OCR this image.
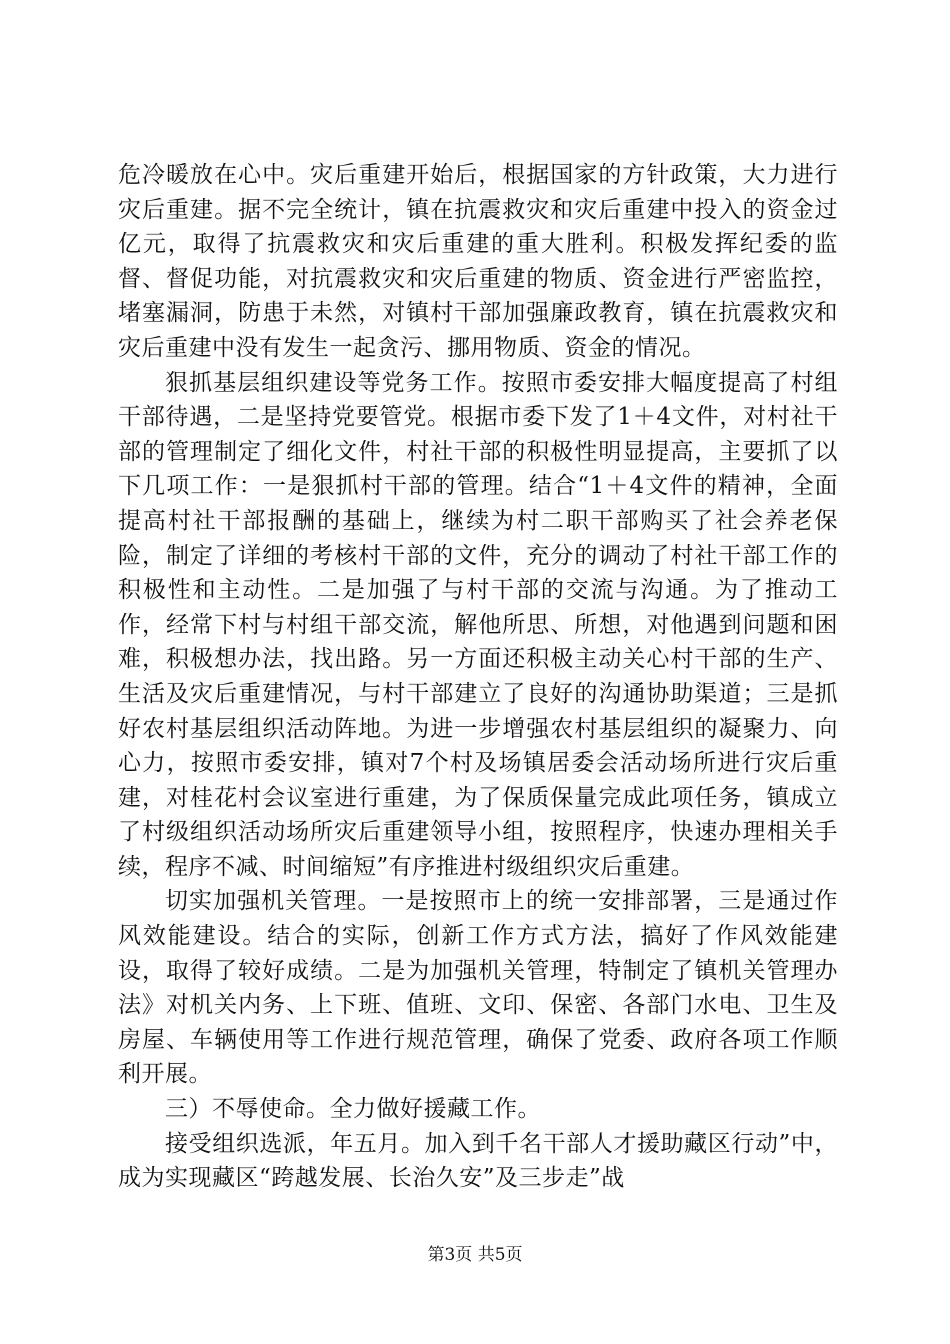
危冷暖放在心中。灾后重建开始后，根据国家的方针政策，大力进行灾后重建。据不完全统计，镇在抗震救灾和灾后重建中投入的资金过亿元，取得了抗震救灾和灾后重建的重大胜利。积极发挥纪委的监督、督促功能，对抗震救灾和灾后重建的物质、资金进行严密监控，堵塞漏洞，防患于未然，对镇村干部加强廉政教育，镇在抗震救灾和灾后重建中没有发生一起贪污、挪用物质、资金的情况。

狠抓基层组织建设等党务工作。按照市委安排大幅度提高了村组干部待遇，二是坚持党要管党。根据市委下发了1＋4文件，对村社干部的管理制定了细化文件，村社干部的积极性明显提高，主要抓了以下几项工作：一是狠抓村干部的管理。结合“1＋4文件的精神，全面提高村社干部报酬的基础上，继续为村二职干部购买了社会养老保险，制定了详细的考核村干部的文件，充分的调动了村社干部工作的积极性和主动性。二是加强了与村干部的交流与沟通。为了推动工作，经常下村与村组干部交流，解他所思、所想，对他遇到问题和困难，积极想办法，找出路。另一方面还积极主动关心村干部的生产、生活及灾后重建情况，与村干部建立了良好的沟通协助渠道；三是抓好农村基层组织活动阵地。为进一步增强农村基层组织的凝聚力、向心力，按照市委安排，镇对7个村及场镇居委会活动场所进行灾后重建，对桂花村会议室进行重建，为了保质保量完成此项任务，镇成立了村级组织活动场所灾后重建领导小组，按照程序，快速办理相关手续，程序不减、时间缩短”有序推进村级组织灾后重建。

切实加强机关管理。一是按照市上的统一安排部署，三是通过作风效能建设。结合的实际，创新工作方式方法，搞好了作风效能建设，取得了较好成绩。二是为加强机关管理，特制定了镇机关管理办法》对机关内务、上下班、值班、文印、保密、各部门水电、卫生及房屋、车辆使用等工作进行规范管理，确保了党委、政府各项工作顺利开展。

三）不辱使命。全力做好援藏工作。

接受组织选派，年五月。加入到千名干部人才援助藏区行动”中，成为实现藏区“跨越发展、长治久安”及三步走”战

第3页 共5页
